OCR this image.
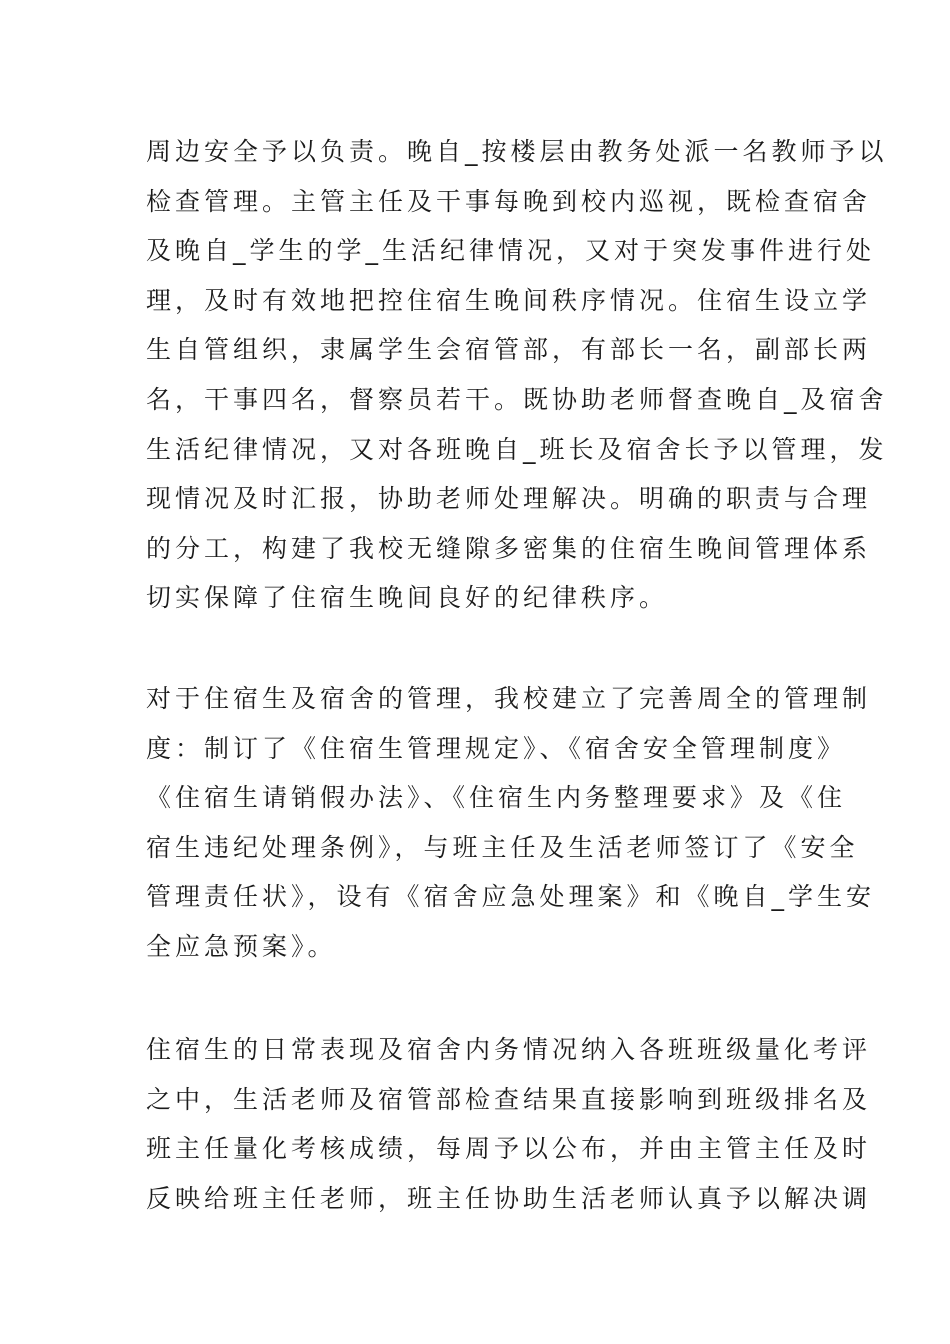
周边安全予以负责。晚自_按楼层由教务处派一名教师予以
检查管理。主管主任及干事每晚到校内巡视，既检查宿舍
及晚自_学生的学_生活纪律情况，又对于突发事件进行处
理，及时有效地把控住宿生晚间秩序情况。住宿生设立学
生自管组织，隶属学生会宿管部，有部长一名，副部长两
名，干事四名，督察员若干。既协助老师督查晚自_及宿舍
生活纪律情况，又对各班晚自_班长及宿舍长予以管理，发
现情况及时汇报，协助老师处理解决。明确的职责与合理
的分工，构建了我校无缝隙多密集的住宿生晚间管理体系
切实保障了住宿生晚间良好的纪律秩序。
对于住宿生及宿舍的管理，我校建立了完善周全的管理制
度：制订了《住宿生管理规定》、《宿舍安全管理制度》
《住宿生请销假办法》、《住宿生内务整理要求》及《住
宿生违纪处理条例》，与班主任及生活老师签订了《安全
管理责任状》，设有《宿舍应急处理案》和《晚自_学生安
全应急预案》。
住宿生的日常表现及宿舍内务情况纳入各班班级量化考评
之中，生活老师及宿管部检查结果直接影响到班级排名及
班主任量化考核成绩，每周予以公布，并由主管主任及时
反映给班主任老师，班主任协助生活老师认真予以解决调
